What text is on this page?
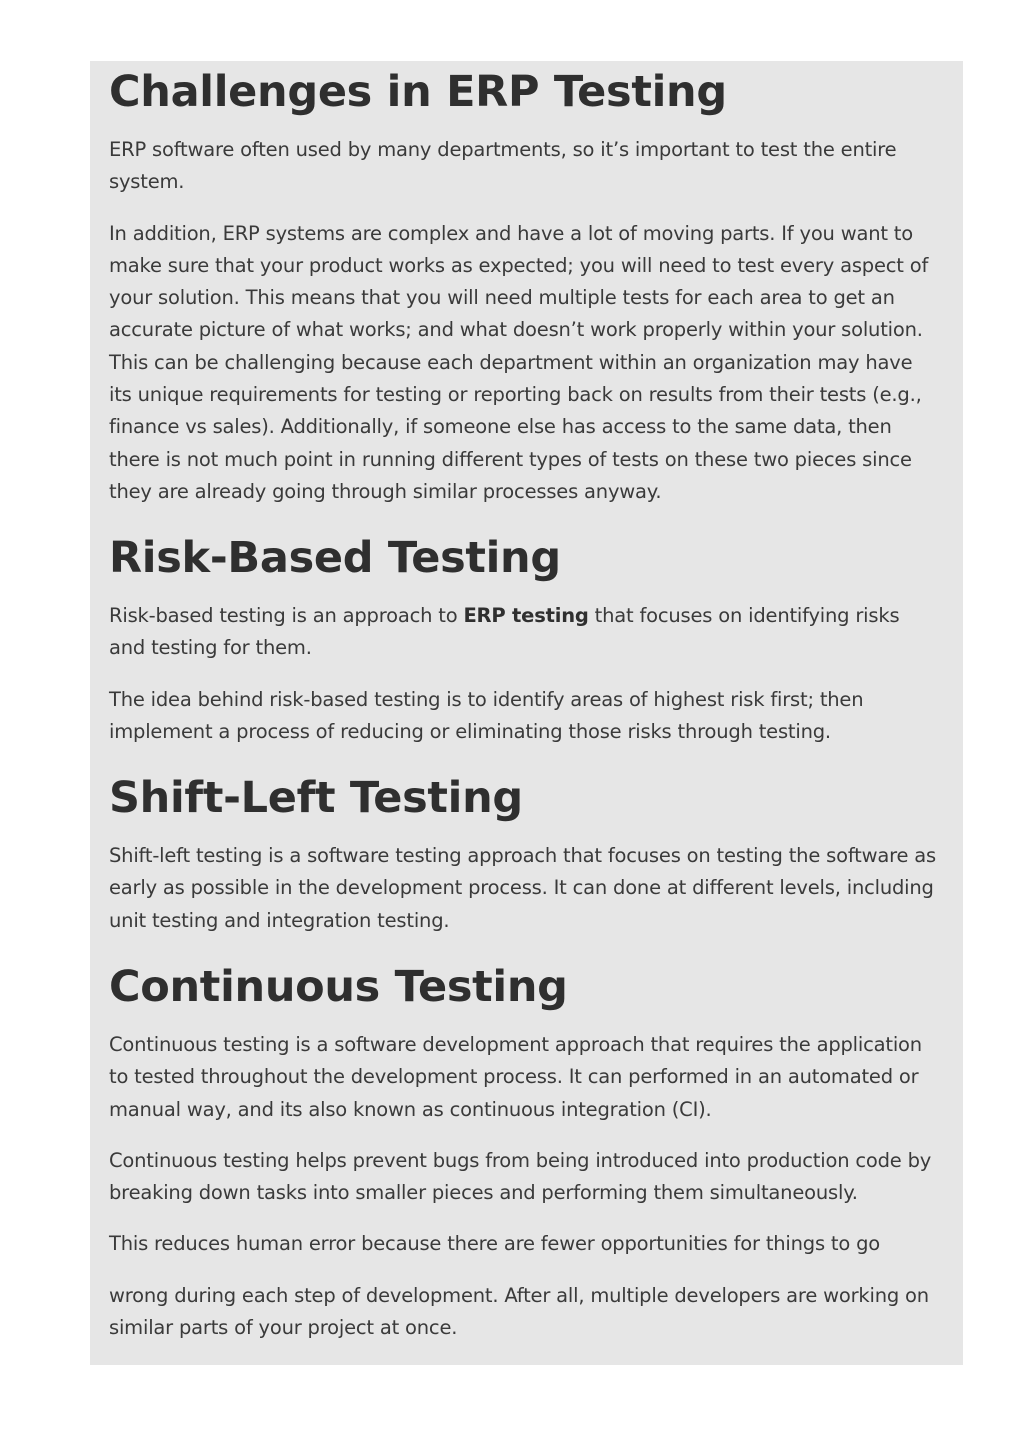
Challenges in ERP Testing

ERP software often used by many departments, so it’s important to test the entire system.

In addition, ERP systems are complex and have a lot of moving parts. If you want to make sure that your product works as expected; you will need to test every aspect of your solution. This means that you will need multiple tests for each area to get an accurate picture of what works; and what doesn’t work properly within your solution. This can be challenging because each department within an organization may have its unique requirements for testing or reporting back on results from their tests (e.g., finance vs sales). Additionally, if someone else has access to the same data, then there is not much point in running different types of tests on these two pieces since they are already going through similar processes anyway.

Risk-Based Testing

Risk-based testing is an approach to ERP testing that focuses on identifying risks and testing for them.

The idea behind risk-based testing is to identify areas of highest risk first; then implement a process of reducing or eliminating those risks through testing.

Shift-Left Testing

Shift-left testing is a software testing approach that focuses on testing the software as early as possible in the development process. It can done at different levels, including unit testing and integration testing.

Continuous Testing

Continuous testing is a software development approach that requires the application to tested throughout the development process. It can performed in an automated or manual way, and its also known as continuous integration (CI).

Continuous testing helps prevent bugs from being introduced into production code by breaking down tasks into smaller pieces and performing them simultaneously.

This reduces human error because there are fewer opportunities for things to go

wrong during each step of development. After all, multiple developers are working on similar parts of your project at once.
